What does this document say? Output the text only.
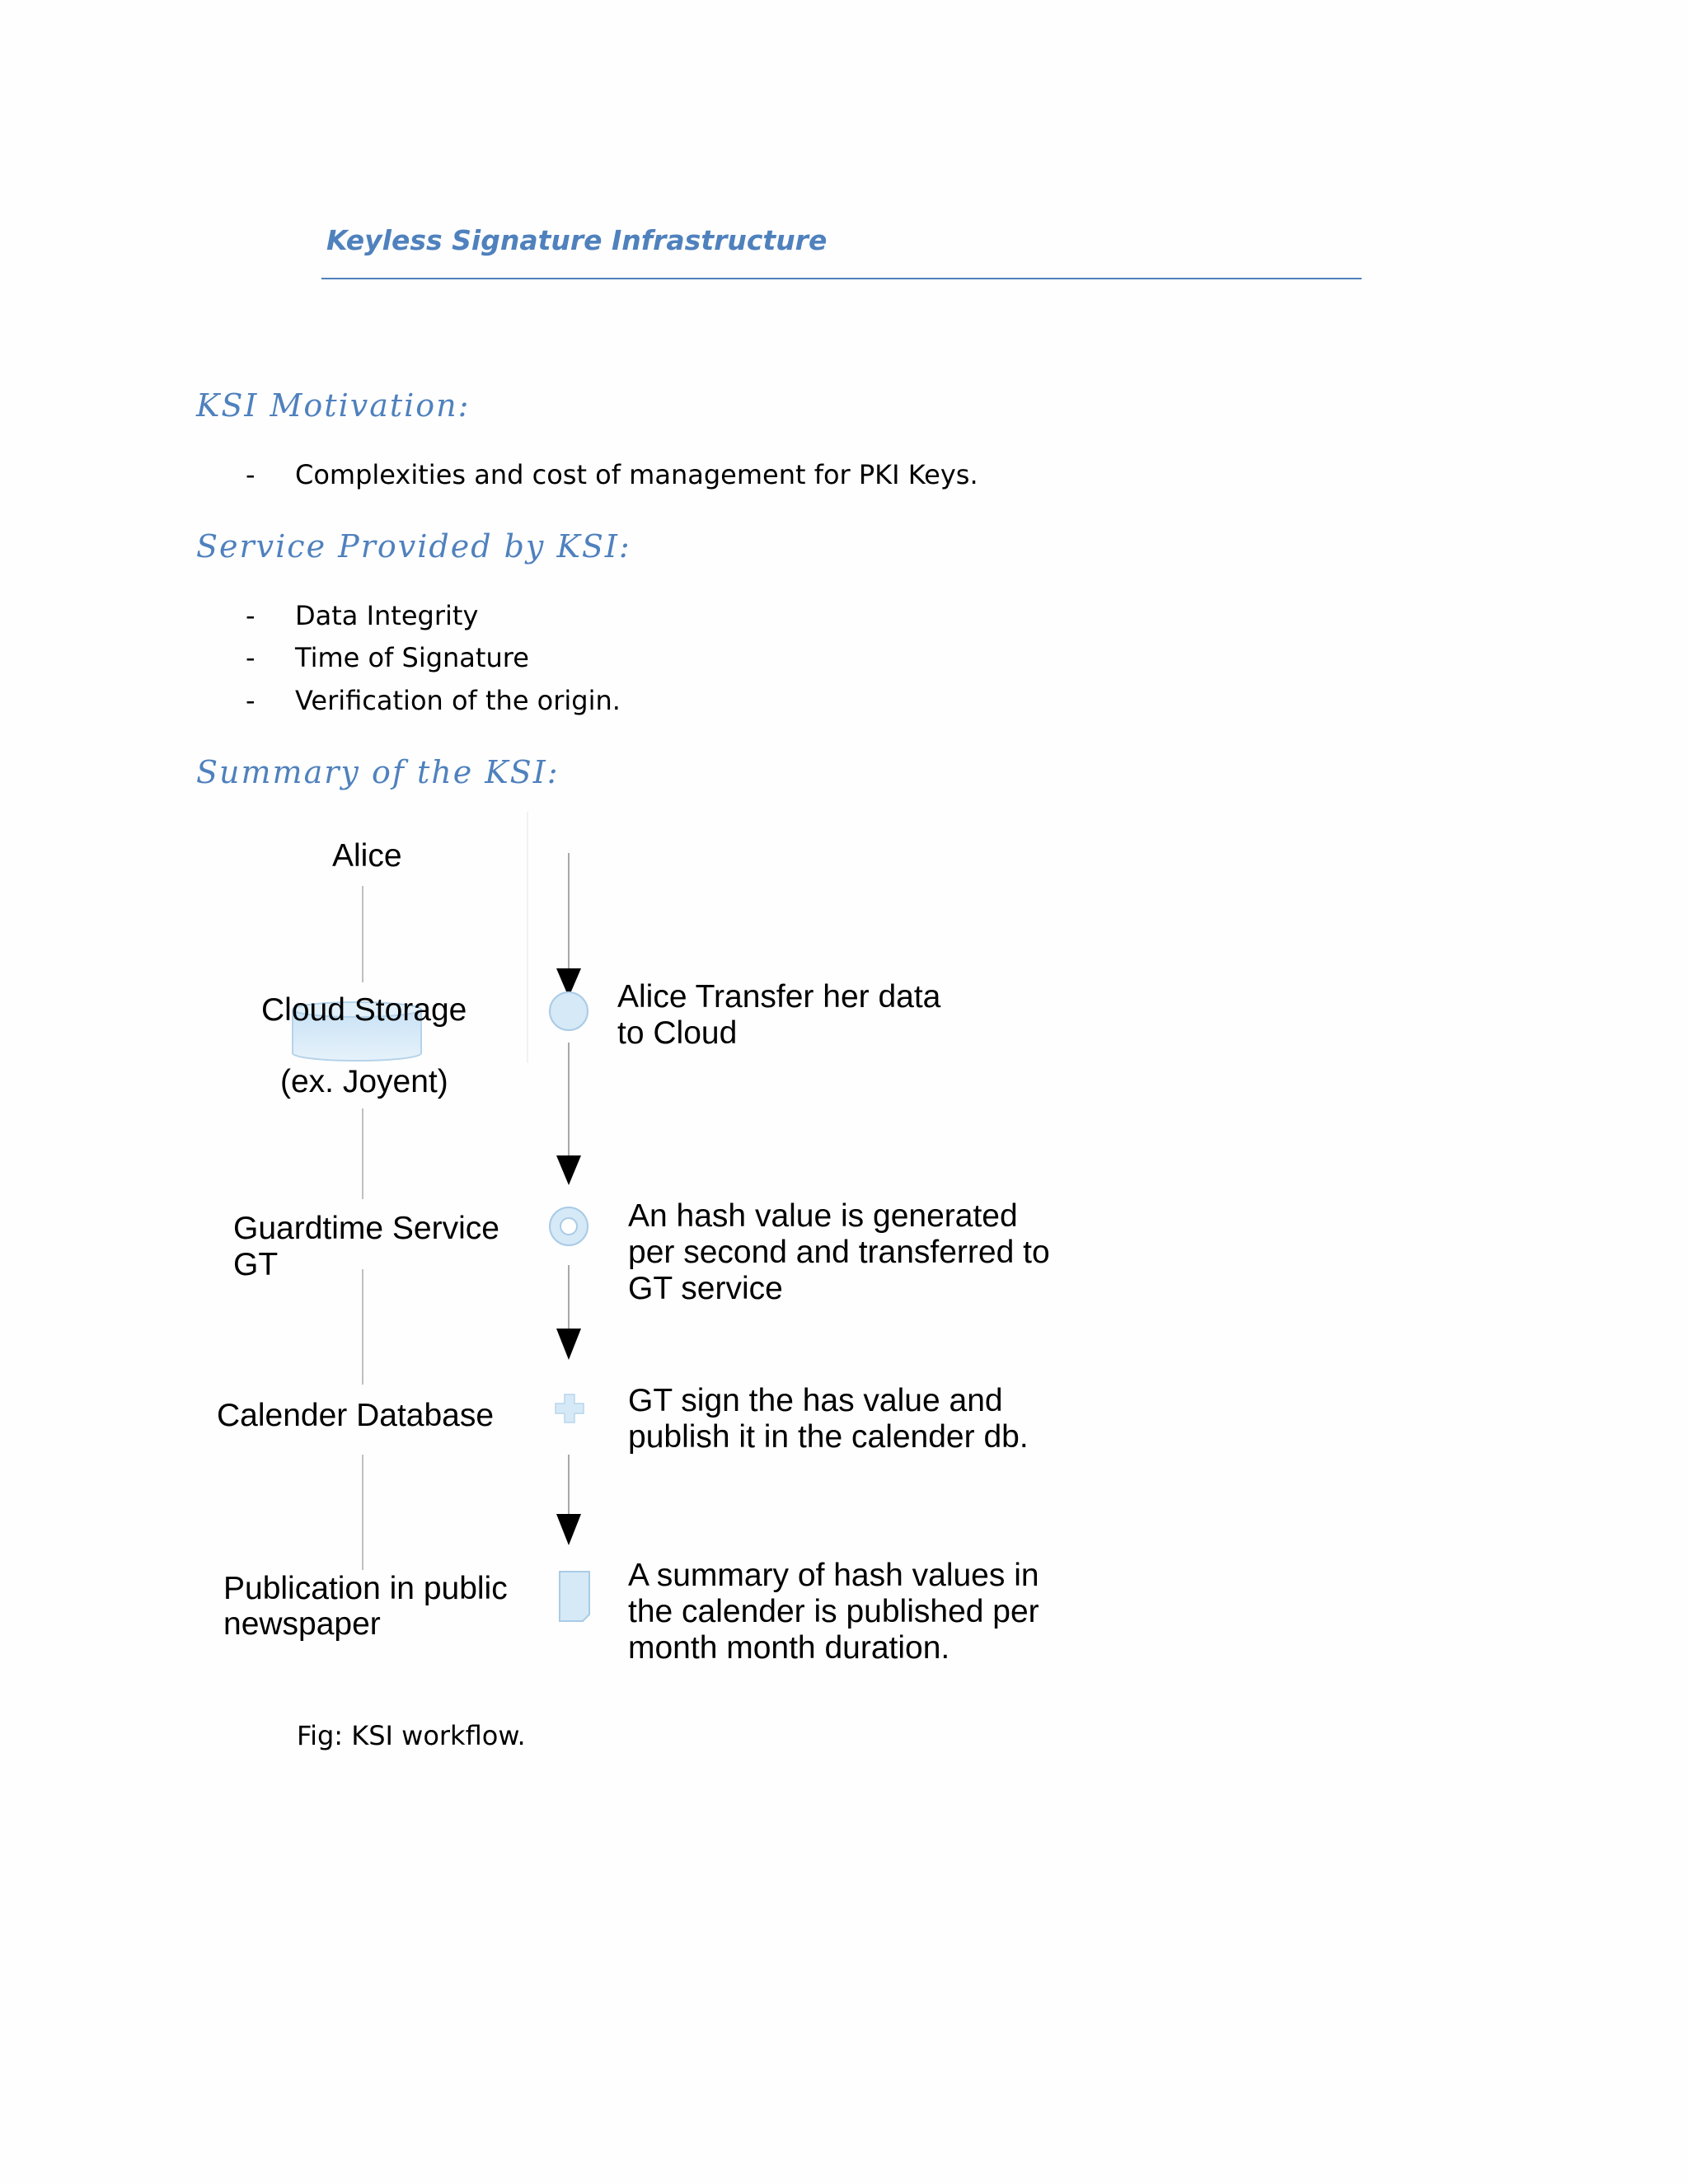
Keyless Signature Infrastructure
KSI Motivation:
- Complexities and cost of management for PKI Keys.
Service Provided by KSI:
- Data Integrity
- Time of Signature
- Verification of the origin.
Summary of the KSI:
Alice
Cloud Storage
(ex. Joyent)
Guardtime Service
GT
Calender Database
Publication in public
newspaper
Alice Transfer her data
to Cloud
An hash value is generated
per second and transferred to
GT service
GT sign the has value and
publish it in the calender db.
A summary of hash values in
the calender is published per
month month duration.
Fig: KSI workflow.
